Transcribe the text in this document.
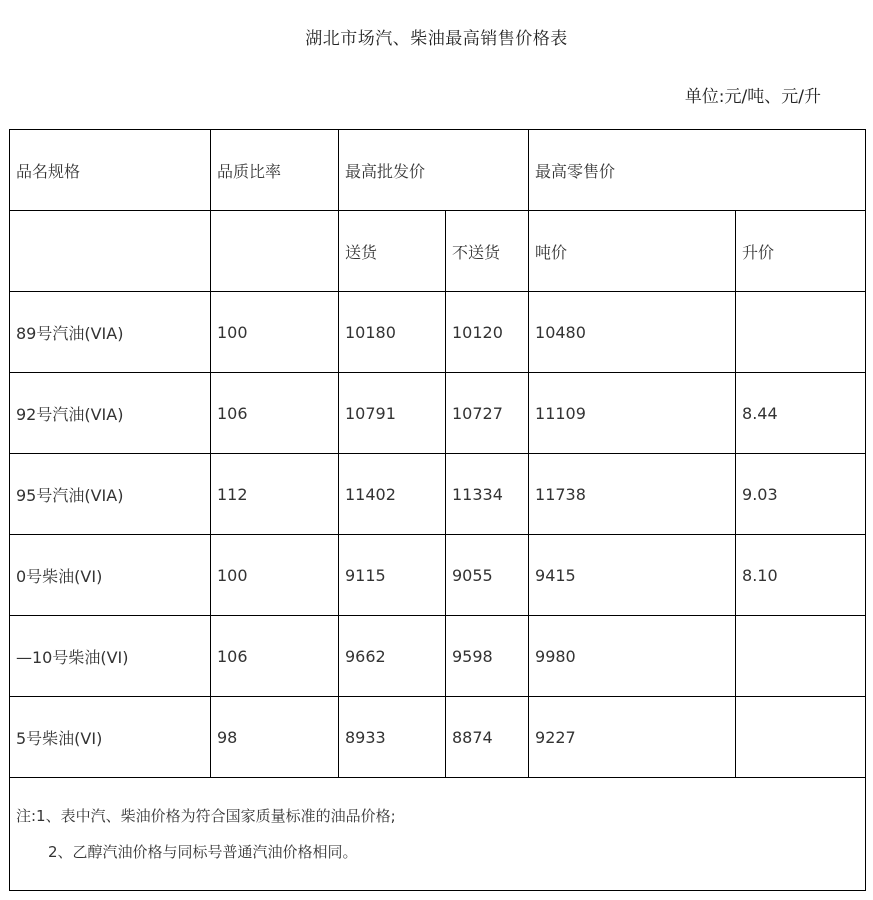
湖北市场汽、柴油最高销售价格表
单位:元/吨、元/升
品名规格	品质比率	最高批发价		最高零售价	
		送货	不送货	吨价	升价
89号汽油(VIA)	100	10180	10120	10480	
92号汽油(VIA)	106	10791	10727	11109	8.44
95号汽油(VIA)	112	11402	11334	11738	9.03
0号柴油(VI)	100	9115	9055	9415	8.10
—10号柴油(VI)	106	9662	9598	9980	
5号柴油(VI)	98	8933	8874	9227	

注:1、表中汽、柴油价格为符合国家质量标准的油品价格;
2、乙醇汽油价格与同标号普通汽油价格相同。					
